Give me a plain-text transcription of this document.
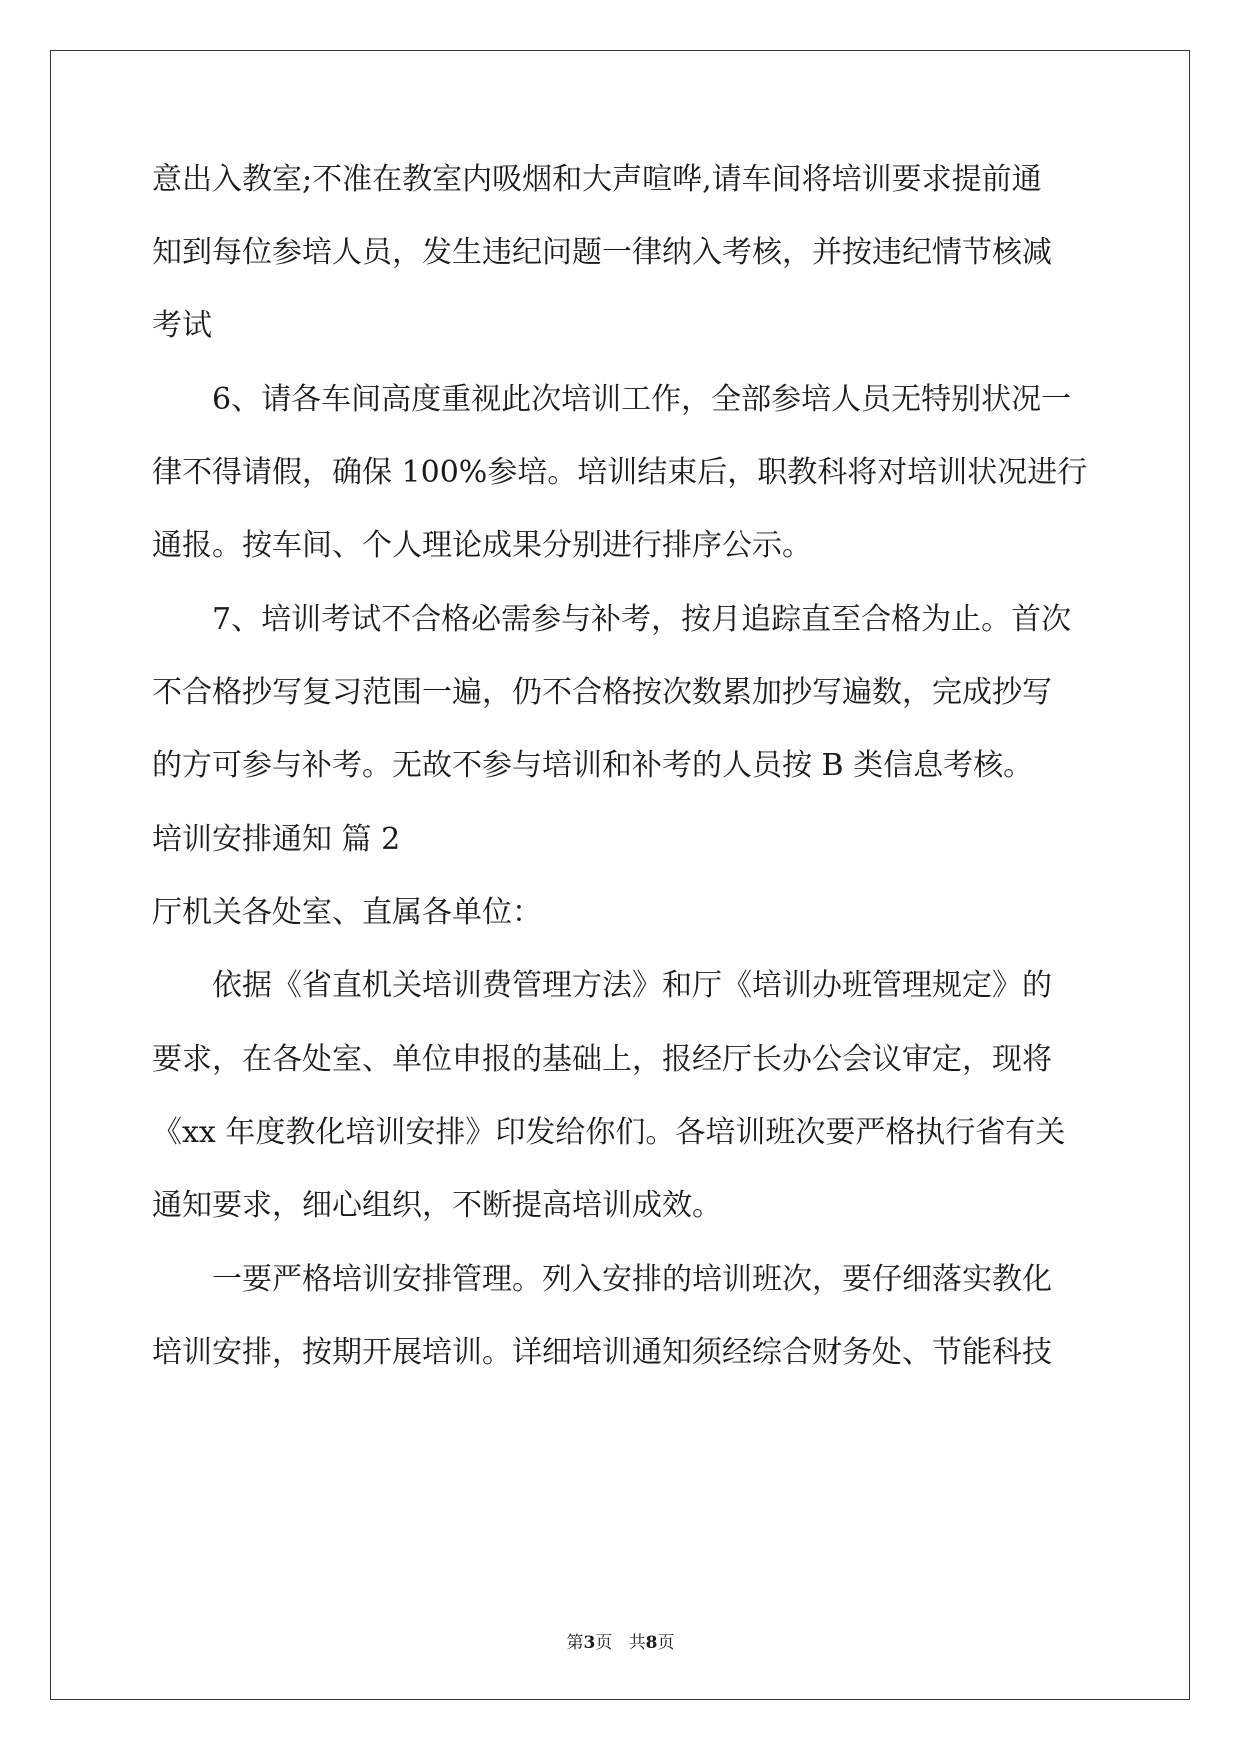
意出入教室;不准在教室内吸烟和大声喧哗,请车间将培训要求提前通
知到每位参培人员，发生违纪问题一律纳入考核，并按违纪情节核减
考试
6、请各车间高度重视此次培训工作，全部参培人员无特别状况一
律不得请假，确保 100%参培。培训结束后，职教科将对培训状况进行
通报。按车间、个人理论成果分别进行排序公示。
7、培训考试不合格必需参与补考，按月追踪直至合格为止。首次
不合格抄写复习范围一遍，仍不合格按次数累加抄写遍数，完成抄写
的方可参与补考。无故不参与培训和补考的人员按 B 类信息考核。
培训安排通知 篇 2
厅机关各处室、直属各单位：
依据《省直机关培训费管理方法》和厅《培训办班管理规定》的
要求，在各处室、单位申报的基础上，报经厅长办公会议审定，现将
《xx 年度教化培训安排》印发给你们。各培训班次要严格执行省有关
通知要求，细心组织，不断提高培训成效。
一要严格培训安排管理。列入安排的培训班次，要仔细落实教化
培训安排，按期开展培训。详细培训通知须经综合财务处、节能科技
第3页   共8页
